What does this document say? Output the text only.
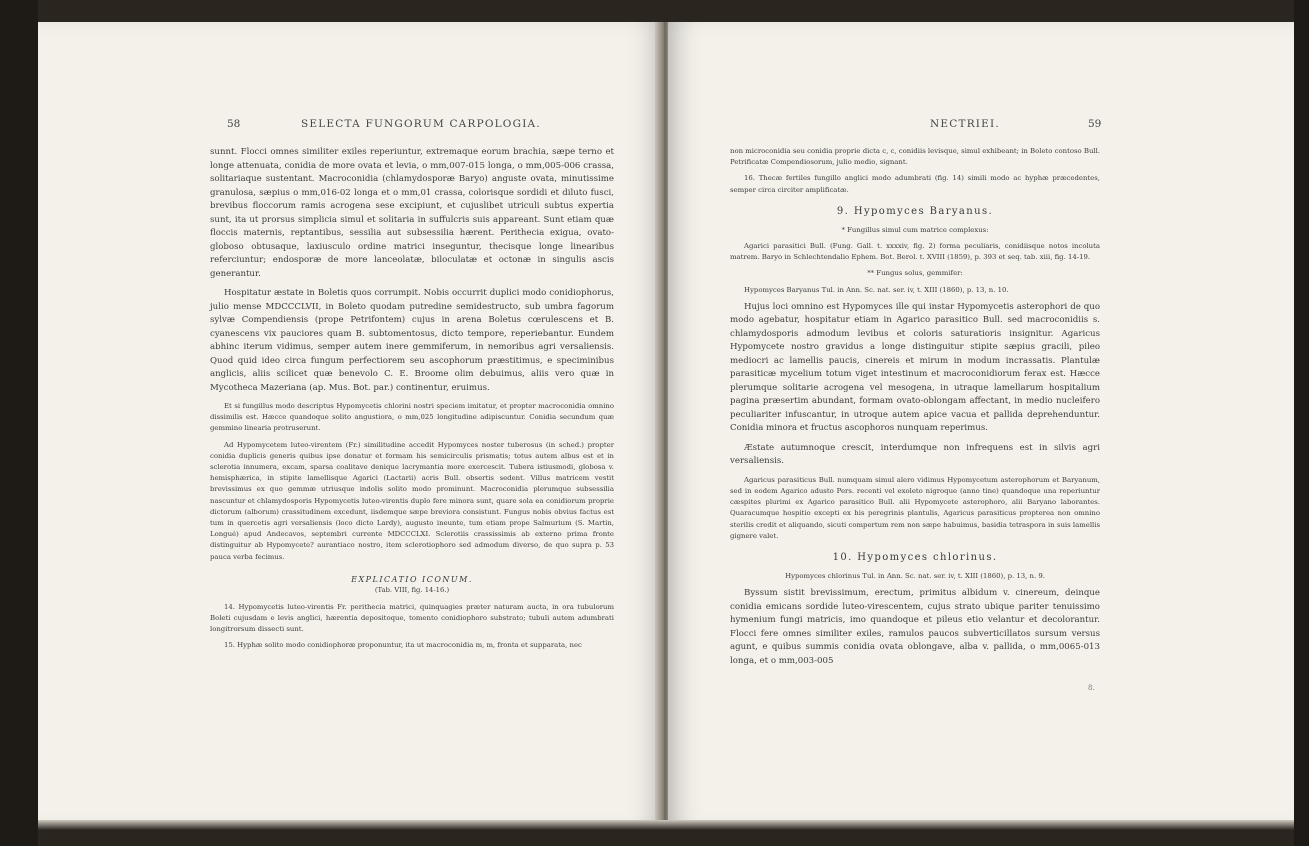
58	SELECTA FUNGORUM CARPOLOGIA.

sunnt. Flocci omnes similiter exiles reperiuntur, extremaque eorum brachia, sæpe terno et longe attenuata, conidia de more ovata et levia, o mm,007-015 longa, o mm,005-006 crassa, solitariaque sustentant. Macroconidia (chlamydosporæ Baryo) anguste ovata, minutissime granulosa, sæpius o mm,016-02 longa et o mm,01 crassa, colorisque sordidi et diluto fusci, brevibus floccorum ramis acrogena sese excipiunt, et cujuslibet utriculi subtus expertia sunt, ita ut prorsus simplicia simul et solitaria in suffulcris suis appareant. Sunt etiam quæ floccis maternis, reptantibus, sessilia aut subsessilia hærent. Perithecia exigua, ovato-globoso obtusaque, laxiusculo ordine matrici inseguntur, thecisque longe linearibus referciuntur; endosporæ de more lanceolatæ, biloculatæ et octonæ in singulis ascis generantur.

Hospitatur æstate in Boletis quos corrumpit. Nobis occurrit duplici modo conidiophorus, julio mense MDCCCLVII, in Boleto quodam putredine semidestructo, sub umbra fagorum sylvæ Compendiensis (prope Petrifontem) cujus in arena Boletus cœrulescens et B. cyanescens vix pauciores quam B. subtomentosus, dicto tempore, reperiebantur. Eundem abhinc iterum vidimus, semper autem inere gemmiferum, in nemoribus agri versaliensis. Quod quid ideo circa fungum perfectiorem seu ascophorum præstitimus, e speciminibus anglicis, aliis scilicet quæ benevolo C. E. Broome olim debuimus, aliis vero quæ in Mycotheca Mazeriana (ap. Mus. Bot. par.) continentur, eruimus.

Et si fungillus modo descriptus Hypomycetis chlorini nostri speciem imitatur, et propter macroconidia omnino dissimilis est. Hæcce quandoque solito angustiora, o mm,025 longitudine adipiscuntur. Conidia secundum quæ gemmino linearia protruserunt.

Ad Hypomycetem luteo-virentem (Fr.) similitudine accedit Hypomyces noster tuberosus (in sched.) propter conidia duplicis generis quibus ipse donatur et formam his semicirculis prismatis; totus autem albus est et in sclerotia innumera, excam, sparsa coalitave denique lacrymantia more exercescit. Tubera istiusmodi, globosa v. hemisphærica, in stipite lamellisque Agarici (Lactarii) acris Bull. obsertis sedent. Villus matricem vestit brevissimus ex quo gemmæ utriusque indolis solito modo prominunt. Macroconidia plerumque subsessilia nascuntur et chlamydosporis Hypomycetis luteo-virentis duplo fere minora sunt, quare sola ea conidiorum proprie dictorum (alborum) crassitudinem excedunt, iisdemque sæpe breviora consistunt. Fungus nobis obvius factus est tum in quercetis agri versaliensis (loco dicto Lardy), augusto ineunte, tum etiam prope Salmurium (S. Martin, Longué) apud Andecavos, septembri currente MDCCCLXI. Sclerotiis crassissimis ab externo prima fronte distinguitur ab Hypomycete? aurantiaco nostro, item sclerotiophoro sed admodum diverso, de quo supra p. 53 pauca verba fecimus.

EXPLICATIO ICONUM.
(Tab. VIII, fig. 14-16.)

14. Hypomycetis luteo-virentis Fr. perithecia matrici, quinquagies præter naturam aucta, in ora tubulorum Boleti cujusdam e levis anglici, hærentia depositoque, tomento conidiophoro substrato; tubuli autem adumbrati longitrorsum dissecti sunt.

15. Hyphæ solito modo conidiophoræ proponuntur, ita ut macroconidia m, m, fronta et supparata, nec

NECTRIEI.	59

non microconidia seu conidia proprie dicta c, c, conidiis levisque, simul exhibeant; in Boleto contoso Bull. Petrificatæ Compendiosorum, julio medio, signant.

16. Thecæ fertiles fungillo anglici modo adumbrati (fig. 14) simili modo ac hyphæ præcedentes, semper circa circiter amplificatæ.

9. Hypomyces Baryanus.

* Fungillus simul cum matrice complexus:

Agarici parasitici Bull. (Fung. Gall. t. xxxxiv, fig. 2) forma peculiaris, conidiisque notos incoluta matrem. Baryo in Schlechtendalio Ephem. Bot. Berol. t. XVIII (1859), p. 393 et seq. tab. xiii, fig. 14-19.

** Fungus solus, gemmifer:

Hypomyces Baryanus Tul. in Ann. Sc. nat. ser. iv, t. XIII (1860), p. 13, n. 10.

Hujus loci omnino est Hypomyces ille qui instar Hypomycetis asterophori de quo modo agebatur, hospitatur etiam in Agarico parasitico Bull. sed macroconidiis s. chlamydosporis admodum levibus et coloris saturatioris insignitur. Agaricus Hypomycete nostro gravidus a longe distinguitur stipite sæpius gracili, pileo mediocri ac lamellis paucis, cinereis et mirum in modum incrassatis. Plantulæ parasiticæ mycelium totum viget intestinum et macroconidiorum ferax est. Hæcce plerumque solitarie acrogena vel mesogena, in utraque lamellarum hospitalium pagina præsertim abundant, formam ovato-oblongam affectant, in medio nucleifero peculiariter infuscantur, in utroque autem apice vacua et pallida deprehenduntur. Conidia minora et fructus ascophoros nunquam reperimus.

Æstate autumnoque crescit, interdumque non infrequens est in silvis agri versaliensis.

Agaricus parasiticus Bull. numquam simul alero vidimus Hypomycetum asterophorum et Baryanum, sed in eodem Agarico adusto Pers. recenti vel exoleto nigroque (anno tine) quandoque una reperiuntur cæspites plurimi ex Agarico parasitico Bull. alii Hypomycete asterophoro, alii Baryano laborantes. Quaracumque hospitio excepti ex his peregrinis plantulis, Agaricus parasiticus propterea non omnino sterilis credit et aliquando, sicuti compertum rem non sæpe habuimus, basidia tetraspora in suis lamellis gignere valet.

10. Hypomyces chlorinus.

Hypomyces chlorinus Tul. in Ann. Sc. nat. ser. iv, t. XIII (1860), p. 13, n. 9.

Byssum sistit brevissimum, erectum, primitus albidum v. cinereum, deinque conidia emicans sordide luteo-virescentem, cujus strato ubique pariter tenuissimo hymenium fungi matricis, imo quandoque et pileus etio velantur et decolorantur. Flocci fere omnes similiter exiles, ramulos paucos subverticillatos sursum versus agunt, e quibus summis conidia ovata oblongave, alba v. pallida, o mm,0065-013 longa, et o mm,003-005

8.
